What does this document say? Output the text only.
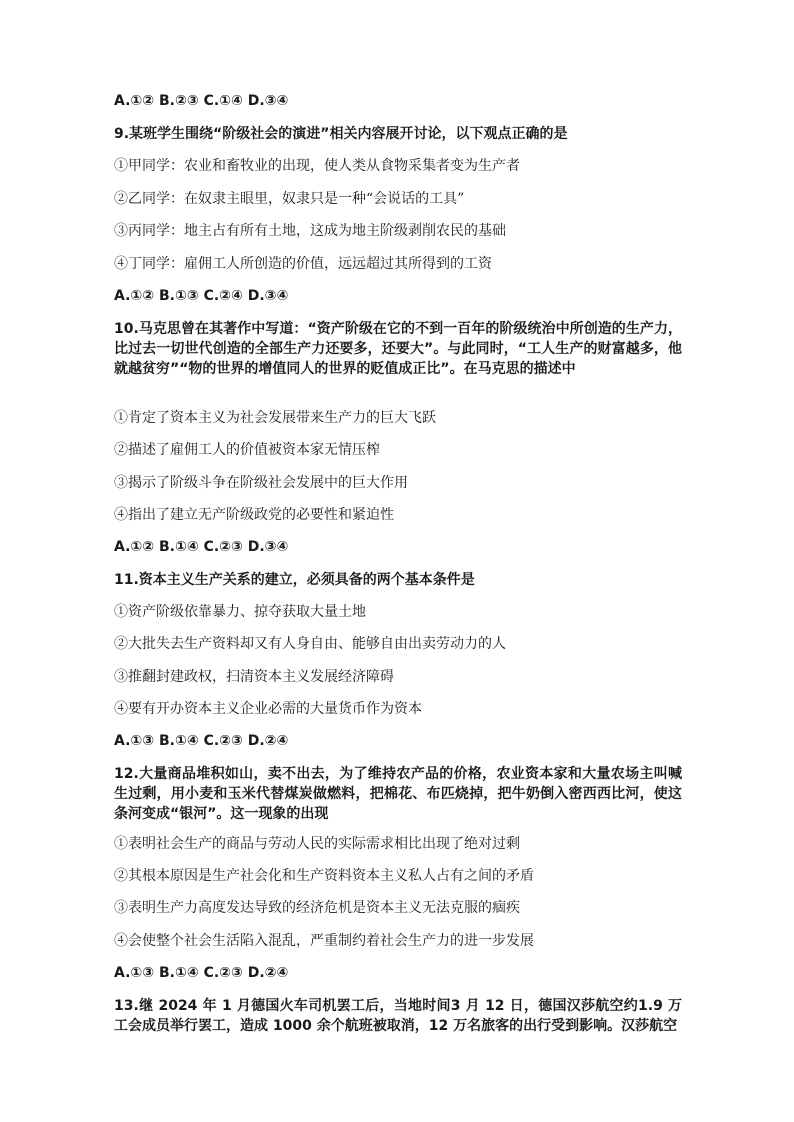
A.①② B.②③ C.①④ D.③④
9.某班学生围绕“阶级社会的演进”相关内容展开讨论，以下观点正确的是
①甲同学：农业和畜牧业的出现，使人类从食物采集者变为生产者
②乙同学：在奴隶主眼里，奴隶只是一种“会说话的工具”
③丙同学：地主占有所有土地，这成为地主阶级剥削农民的基础
④丁同学：雇佣工人所创造的价值，远远超过其所得到的工资
A.①② B.①③ C.②④ D.③④
10.马克思曾在其著作中写道：“资产阶级在它的不到一百年的阶级统治中所创造的生产力，比过去一切世代创造的全部生产力还要多，还要大”。与此同时，“工人生产的财富越多，他就越贫穷”“物的世界的增值同人的世界的贬值成正比”。在马克思的描述中
①肯定了资本主义为社会发展带来生产力的巨大飞跃
②描述了雇佣工人的价值被资本家无情压榨
③揭示了阶级斗争在阶级社会发展中的巨大作用
④指出了建立无产阶级政党的必要性和紧迫性
A.①② B.①④ C.②③ D.③④
11.资本主义生产关系的建立，必须具备的两个基本条件是
①资产阶级依靠暴力、掠夺获取大量土地
②大批失去生产资料却又有人身自由、能够自由出卖劳动力的人
③推翻封建政权，扫清资本主义发展经济障碍
④要有开办资本主义企业必需的大量货币作为资本
A.①③ B.①④ C.②③ D.②④
12.大量商品堆积如山，卖不出去，为了维持农产品的价格，农业资本家和大量农场主叫喊生过剩，用小麦和玉米代替煤炭做燃料，把棉花、布匹烧掉，把牛奶倒入密西西比河，使这条河变成“银河”。这一现象的出现
①表明社会生产的商品与劳动人民的实际需求相比出现了绝对过剩
②其根本原因是生产社会化和生产资料资本主义私人占有之间的矛盾
③表明生产力高度发达导致的经济危机是资本主义无法克服的痼疾
④会使整个社会生活陷入混乱，严重制约着社会生产力的进一步发展
A.①③ B.①④ C.②③ D.②④
13.继 2024 年 1 月德国火车司机罢工后，当地时间3 月 12 日，德国汉莎航空约1.9 万工会成员举行罢工，造成 1000 余个航班被取消，12 万名旅客的出行受到影响。汉莎航空
